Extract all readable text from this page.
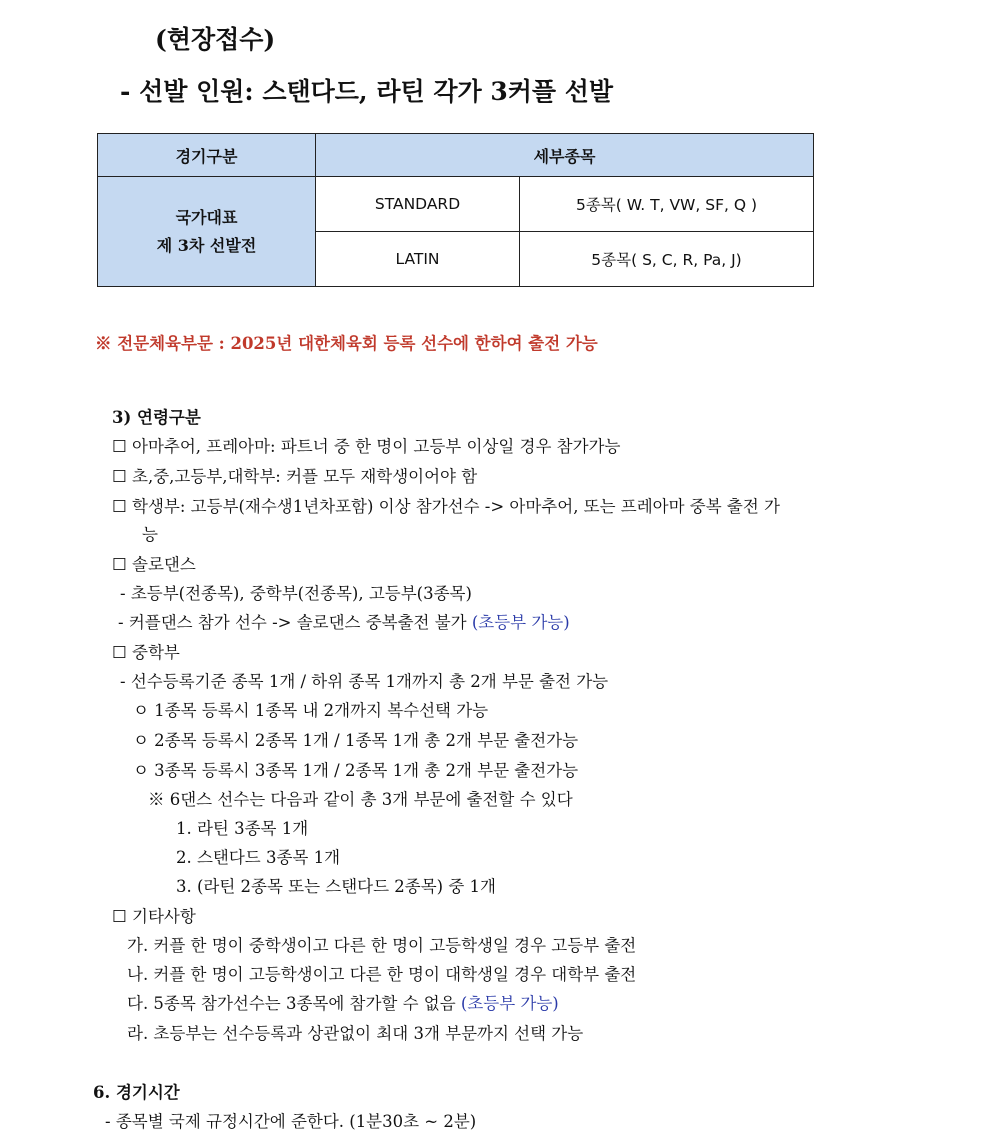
(현장접수)
- 선발 인원: 스탠다드, 라틴 각가 3커플 선발
경기구분	세부종목	

국가대표
제 3차 선발전	STANDARD	5종목( W. T, VW, SF, Q )
	LATIN	5종목( S, C, R, Pa, J)
※ 전문체육부문 : 2025년 대한체육회 등록 선수에 한하여 출전 가능
3) 연령구분
☐ 아마추어, 프레아마: 파트너 중 한 명이 고등부 이상일 경우 참가가능
☐ 초,중,고등부,대학부: 커플 모두 재학생이어야 함
☐ 학생부: 고등부(재수생1년차포함) 이상 참가선수 -> 아마추어, 또는 프레아마 중복 출전 가
능
☐ 솔로댄스
- 초등부(전종목), 중학부(전종목), 고등부(3종목)
- 커플댄스 참가 선수 -> 솔로댄스 중복출전 불가 (초등부 가능)
☐ 중학부
- 선수등록기준 종목 1개 / 하위 종목 1개까지 총 2개 부문 출전 가능
ㅇ 1종목 등록시 1종목 내 2개까지 복수선택 가능
ㅇ 2종목 등록시 2종목 1개 / 1종목 1개 총 2개 부문 출전가능
ㅇ 3종목 등록시 3종목 1개 / 2종목 1개 총 2개 부문 출전가능
※ 6댄스 선수는 다음과 같이 총 3개 부문에 출전할 수 있다
1. 라틴 3종목 1개
2. 스탠다드 3종목 1개
3. (라틴 2종목 또는 스탠다드 2종목) 중 1개
☐ 기타사항
가. 커플 한 명이 중학생이고 다른 한 명이 고등학생일 경우 고등부 출전
나. 커플 한 명이 고등학생이고 다른 한 명이 대학생일 경우 대학부 출전
다. 5종목 참가선수는 3종목에 참가할 수 없음 (초등부 가능)
라. 초등부는 선수등록과 상관없이 최대 3개 부문까지 선택 가능
6. 경기시간
- 종목별 국제 규정시간에 준한다. (1분30초 ~ 2분)
